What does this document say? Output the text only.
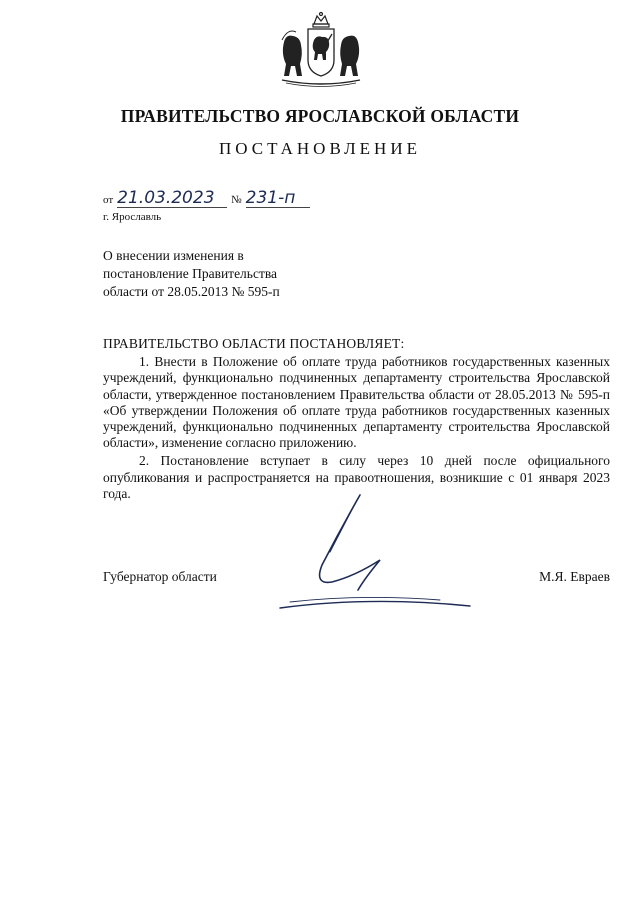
ПРАВИТЕЛЬСТВО ЯРОСЛАВСКОЙ ОБЛАСТИ
ПОСТАНОВЛЕНИЕ
от 21.03.2023 № 231-п
г. Ярославль
О внесении изменения в
постановление Правительства
области от 28.05.2013 № 595-п
ПРАВИТЕЛЬСТВО ОБЛАСТИ ПОСТАНОВЛЯЕТ:

1. Внести в Положение об оплате труда работников государственных казенных учреждений, функционально подчиненных департаменту строительства Ярославской области, утвержденное постановлением Правительства области от 28.05.2013 № 595-п «Об утверждении Положения об оплате труда работников государственных казенных учреждений, функционально подчиненных департаменту строительства Ярославской области», изменение согласно приложению.

2. Постановление вступает в силу через 10 дней после официального опубликования и распространяется на правоотношения, возникшие с 01 января 2023 года.

Губернатор области	М.Я. Евраев
